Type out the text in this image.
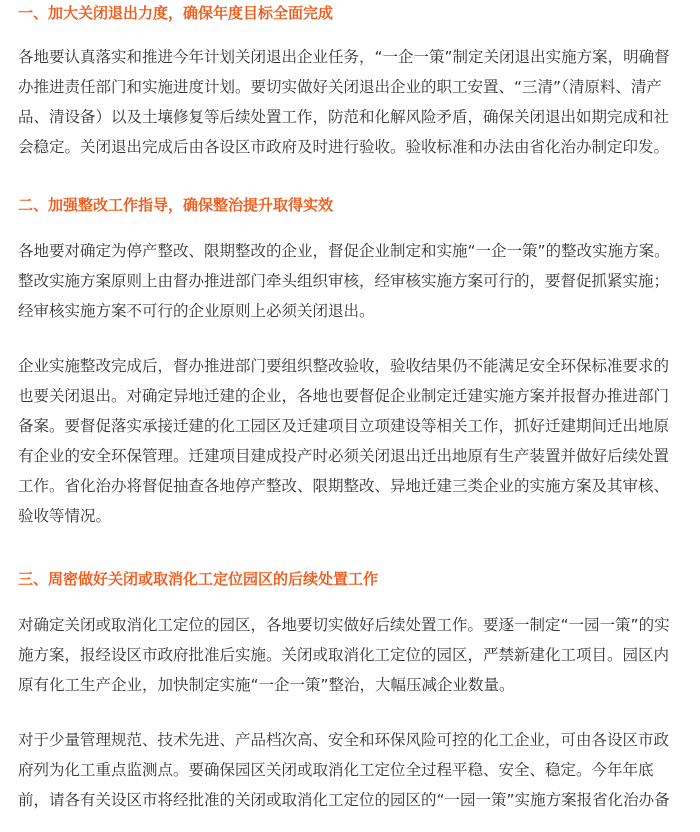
一、加大关闭退出力度，确保年度目标全面完成

各地要认真落实和推进今年计划关闭退出企业任务，“一企一策”制定关闭退出实施方案，明确督
办推进责任部门和实施进度计划。要切实做好关闭退出企业的职工安置、“三清”（清原料、清产
品、清设备）以及土壤修复等后续处置工作，防范和化解风险矛盾，确保关闭退出如期完成和社
会稳定。关闭退出完成后由各设区市政府及时进行验收。验收标准和办法由省化治办制定印发。

二、加强整改工作指导，确保整治提升取得实效

各地要对确定为停产整改、限期整改的企业，督促企业制定和实施“一企一策”的整改实施方案。
整改实施方案原则上由督办推进部门牵头组织审核，经审核实施方案可行的，要督促抓紧实施；
经审核实施方案不可行的企业原则上必须关闭退出。

企业实施整改完成后，督办推进部门要组织整改验收，验收结果仍不能满足安全环保标准要求的
也要关闭退出。对确定异地迁建的企业，各地也要督促企业制定迁建实施方案并报督办推进部门
备案。要督促落实承接迁建的化工园区及迁建项目立项建设等相关工作，抓好迁建期间迁出地原
有企业的安全环保管理。迁建项目建成投产时必须关闭退出迁出地原有生产装置并做好后续处置
工作。省化治办将督促抽查各地停产整改、限期整改、异地迁建三类企业的实施方案及其审核、
验收等情况。

三、周密做好关闭或取消化工定位园区的后续处置工作

对确定关闭或取消化工定位的园区，各地要切实做好后续处置工作。要逐一制定“一园一策”的实
施方案，报经设区市政府批准后实施。关闭或取消化工定位的园区，严禁新建化工项目。园区内
原有化工生产企业，加快制定实施“一企一策”整治，大幅压减企业数量。

对于少量管理规范、技术先进、产品档次高、安全和环保风险可控的化工企业，可由各设区市政
府列为化工重点监测点。要确保园区关闭或取消化工定位全过程平稳、安全、稳定。今年年底
前，请各有关设区市将经批准的关闭或取消化工定位的园区的“一园一策”实施方案报省化治办备
